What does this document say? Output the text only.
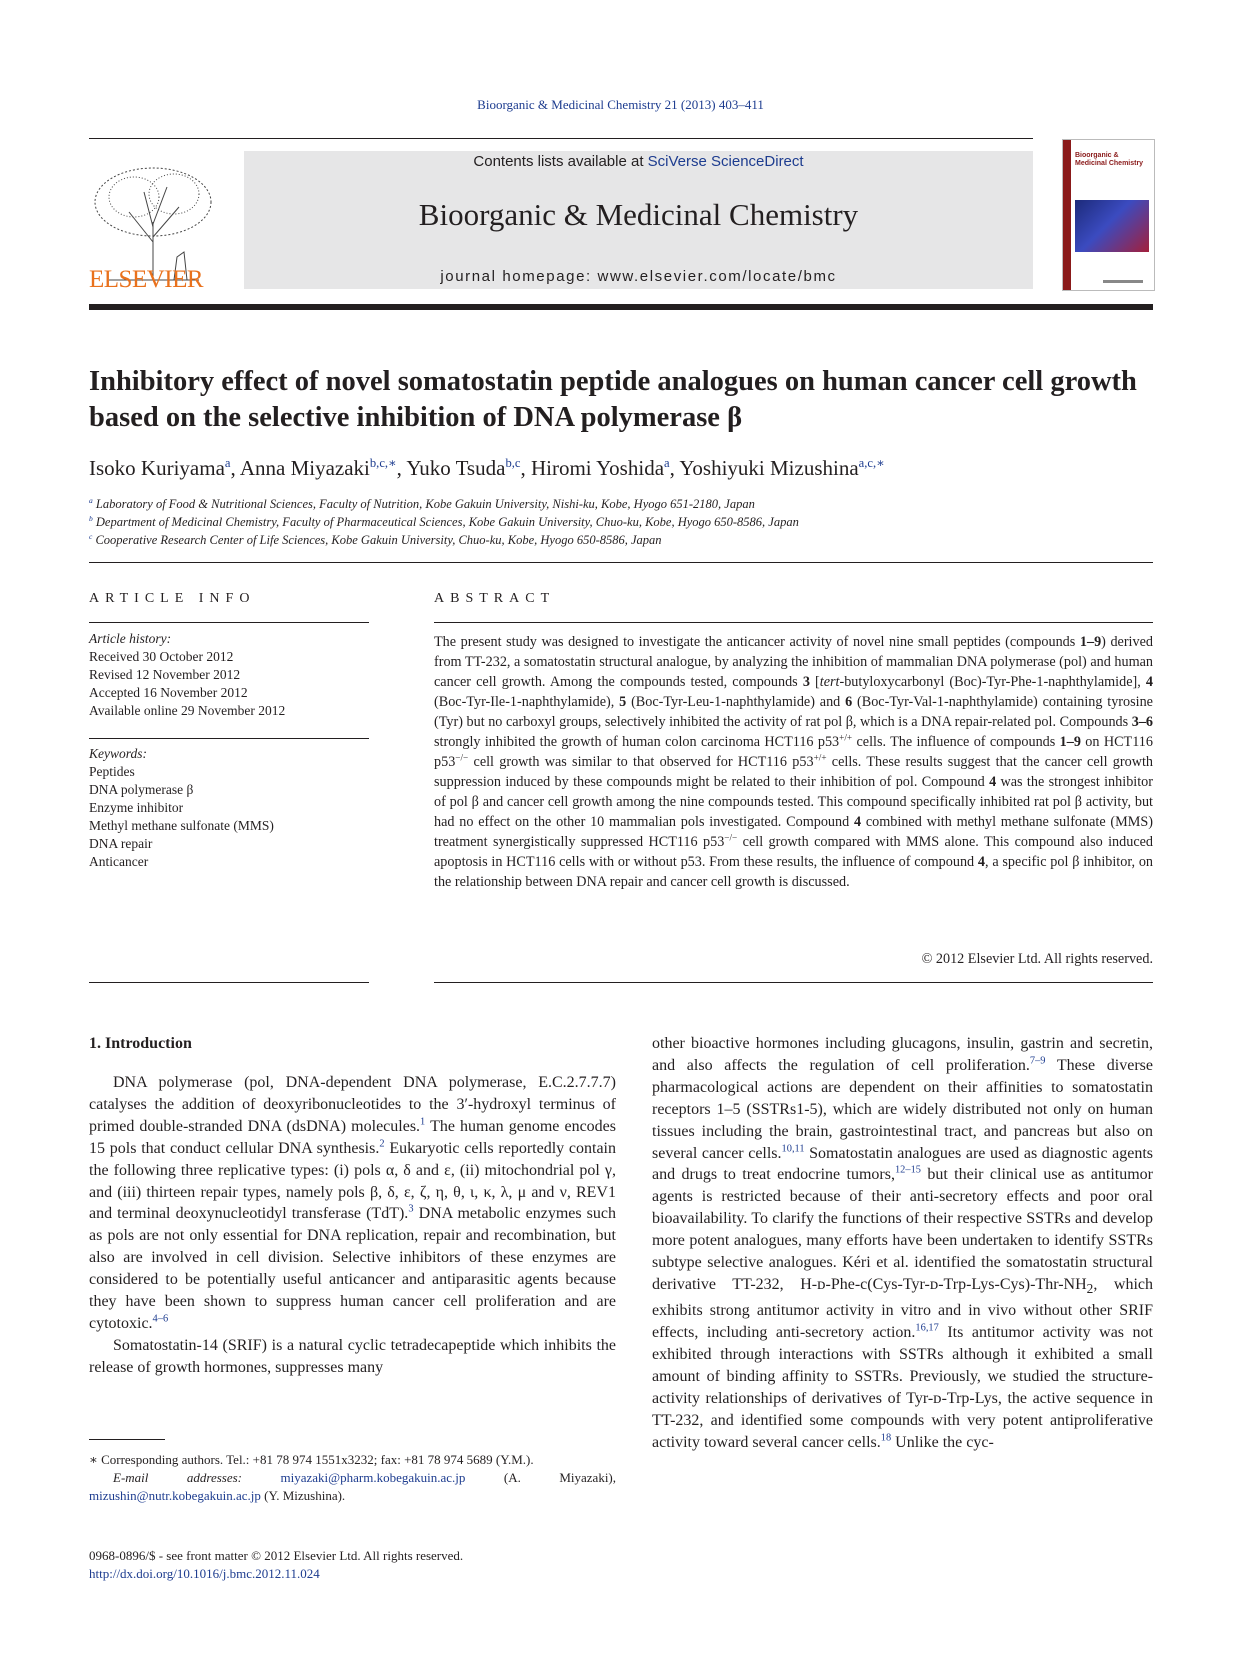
Bioorganic & Medicinal Chemistry 21 (2013) 403–411
ELSEVIER
Contents lists available at SciVerse ScienceDirect
Bioorganic & Medicinal Chemistry
journal homepage: www.elsevier.com/locate/bmc
Bioorganic & Medicinal Chemistry
Inhibitory effect of novel somatostatin peptide analogues on human cancer cell growth based on the selective inhibition of DNA polymerase β
Isoko Kuriyama$^a$, Anna Miyazaki$^{b,c,∗}$, Yuko Tsuda$^{b,c}$, Hiromi Yoshida$^a$, Yoshiyuki Mizushina$^{a,c,∗}$
$^a$ Laboratory of Food & Nutritional Sciences, Faculty of Nutrition, Kobe Gakuin University, Nishi-ku, Kobe, Hyogo 651-2180, Japan
$^b$ Department of Medicinal Chemistry, Faculty of Pharmaceutical Sciences, Kobe Gakuin University, Chuo-ku, Kobe, Hyogo 650-8586, Japan
$^c$ Cooperative Research Center of Life Sciences, Kobe Gakuin University, Chuo-ku, Kobe, Hyogo 650-8586, Japan
ARTICLE INFO
Article history:
Received 30 October 2012
Revised 12 November 2012
Accepted 16 November 2012
Available online 29 November 2012
Keywords:
Peptides
DNA polymerase β
Enzyme inhibitor
Methyl methane sulfonate (MMS)
DNA repair
Anticancer
ABSTRACT
The present study was designed to investigate the anticancer activity of novel nine small peptides (compounds 1–9) derived from TT-232, a somatostatin structural analogue, by analyzing the inhibition of mammalian DNA polymerase (pol) and human cancer cell growth. Among the compounds tested, compounds 3 [tert-butyloxycarbonyl (Boc)-Tyr-Phe-1-naphthylamide], 4 (Boc-Tyr-Ile-1-naphthylamide), 5 (Boc-Tyr-Leu-1-naphthylamide) and 6 (Boc-Tyr-Val-1-naphthylamide) containing tyrosine (Tyr) but no carboxyl groups, selectively inhibited the activity of rat pol β, which is a DNA repair-related pol. Compounds 3–6 strongly inhibited the growth of human colon carcinoma HCT116 p53+/+ cells. The influence of compounds 1–9 on HCT116 p53−/− cell growth was similar to that observed for HCT116 p53+/+ cells. These results suggest that the cancer cell growth suppression induced by these compounds might be related to their inhibition of pol. Compound 4 was the strongest inhibitor of pol β and cancer cell growth among the nine compounds tested. This compound specifically inhibited rat pol β activity, but had no effect on the other 10 mammalian pols investigated. Compound 4 combined with methyl methane sulfonate (MMS) treatment synergistically suppressed HCT116 p53−/− cell growth compared with MMS alone. This compound also induced apoptosis in HCT116 cells with or without p53. From these results, the influence of compound 4, a specific pol β inhibitor, on the relationship between DNA repair and cancer cell growth is discussed.
© 2012 Elsevier Ltd. All rights reserved.
1. Introduction

DNA polymerase (pol, DNA-dependent DNA polymerase, E.C.2.7.7.7) catalyses the addition of deoxyribonucleotides to the 3′-hydroxyl terminus of primed double-stranded DNA (dsDNA) molecules.$^1$ The human genome encodes 15 pols that conduct cellular DNA synthesis.$^2$ Eukaryotic cells reportedly contain the following three replicative types: (i) pols α, δ and ε, (ii) mitochondrial pol γ, and (iii) thirteen repair types, namely pols β, δ, ε, ζ, η, θ, ι, κ, λ, μ and ν, REV1 and terminal deoxynucleotidyl transferase (TdT).$^3$ DNA metabolic enzymes such as pols are not only essential for DNA replication, repair and recombination, but also are involved in cell division. Selective inhibitors of these enzymes are considered to be potentially useful anticancer and antiparasitic agents because they have been shown to suppress human cancer cell proliferation and are cytotoxic.$^{4-6}$

Somatostatin-14 (SRIF) is a natural cyclic tetradecapeptide which inhibits the release of growth hormones, suppresses many

other bioactive hormones including glucagons, insulin, gastrin and secretin, and also affects the regulation of cell proliferation.$^{7-9}$ These diverse pharmacological actions are dependent on their affinities to somatostatin receptors 1–5 (SSTRs1-5), which are widely distributed not only on human tissues including the brain, gastrointestinal tract, and pancreas but also on several cancer cells.$^{10,11}$ Somatostatin analogues are used as diagnostic agents and drugs to treat endocrine tumors,$^{12-15}$ but their clinical use as antitumor agents is restricted because of their anti-secretory effects and poor oral bioavailability. To clarify the functions of their respective SSTRs and develop more potent analogues, many efforts have been undertaken to identify SSTRs subtype selective analogues. Kéri et al. identified the somatostatin structural derivative TT-232, $H-ᴅ-Phe-c(Cys-Tyr-ᴅ-Trp-Lys-Cys)-Thr-NH_2$, which exhibits strong antitumor activity in vitro and in vivo without other SRIF effects, including anti-secretory action.$^{16,17}$ Its antitumor activity was not exhibited through interactions with SSTRs although it exhibited a small amount of binding affinity to SSTRs. Previously, we studied the structure-activity relationships of derivatives of Tyr-ᴅ-Trp-Lys, the active sequence in TT-232, and identified some compounds with very potent antiproliferative activity toward several cancer cells.$^{18}$ Unlike the cyc-

∗ Corresponding authors. Tel.: +81 78 974 1551x3232; fax: +81 78 974 5689 (Y.M.).
E-mail addresses:	miyazaki@pharm.kobegakuin.ac.jp (A. Miyazaki), mizushin@nutr.kobegakuin.ac.jp (Y. Mizushina).
0968-0896/$ - see front matter © 2012 Elsevier Ltd. All rights reserved.
http://dx.doi.org/10.1016/j.bmc.2012.11.024
